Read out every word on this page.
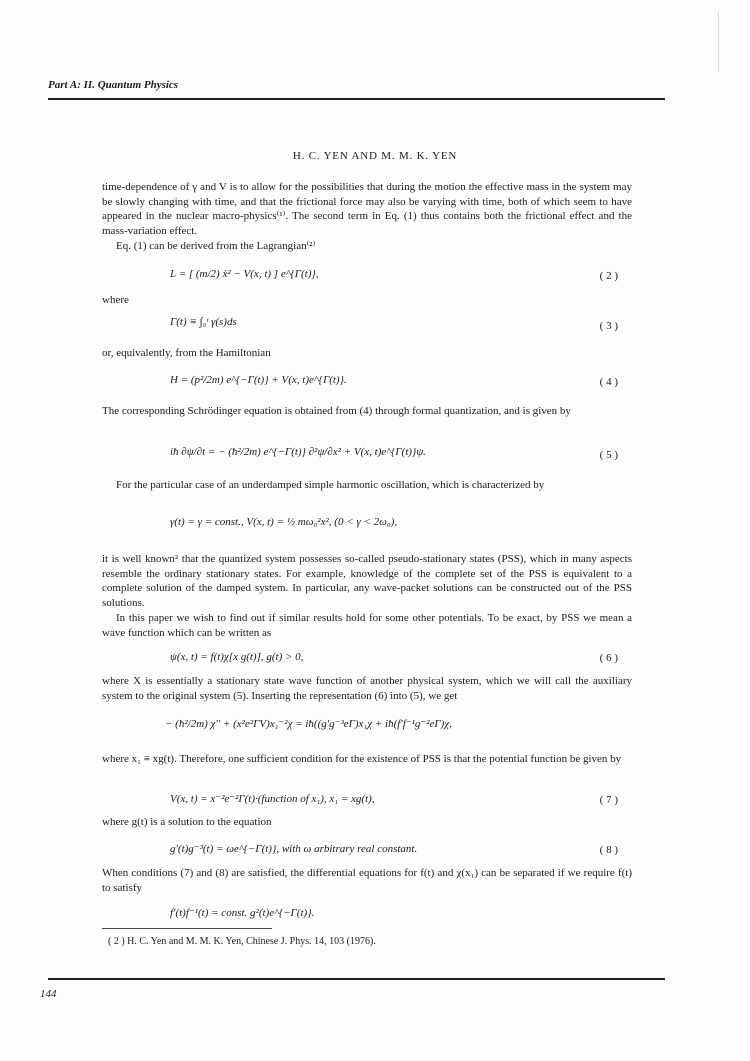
Part A: II. Quantum Physics
H. C. YEN AND M. M. K. YEN
time-dependence of γ and V is to allow for the possibilities that during the motion the effective mass in the system may be slowly changing with time, and that the frictional force may also be varying with time, both of which seem to have appeared in the nuclear macro-physics⁽¹⁾. The second term in Eq. (1) thus contains both the frictional effect and the mass-variation effect.
Eq. (1) can be derived from the Lagrangian⁽²⁾
L = [ (m/2) ẋ² − V(x, t) ] e^{Γ(t)},	( 2 )
where
Γ(t) ≡ ∫₀ᵗ γ(s)ds	( 3 )
or, equivalently, from the Hamiltonian
H = (p²/2m) e^{−Γ(t)} + V(x, t)e^{Γ(t)}.	( 4 )
The corresponding Schrödinger equation is obtained from (4) through formal quantization, and is given by
iħ ∂ψ/∂t = − (ħ²/2m) e^{−Γ(t)} ∂²ψ/∂x² + V(x, t)e^{Γ(t)}ψ.	( 5 )
For the particular case of an underdamped simple harmonic oscillation, which is characterized by
γ(t) = γ = const., V(x, t) = ½ mω₀²x², (0 < γ < 2ω₀),
it is well known² that the quantized system possesses so-called pseudo-stationary states (PSS), which in many aspects resemble the ordinary stationary states. For example, knowledge of the complete set of the PSS is equivalent to a complete solution of the damped system. In particular, any wave-packet solutions can be constructed out of the PSS solutions.
In this paper we wish to find out if similar results hold for some other potentials. To be exact, by PSS we mean a wave function which can be written as
ψ(x, t) = f(t)χ[x g(t)], g(t) > 0,	( 6 )
where X is essentially a stationary state wave function of another physical system, which we will call the auxiliary system to the original system (5). Inserting the representation (6) into (5), we get
− (ħ²/2m) χ′′ + (x²e²ΓV)x₁⁻²χ = iħ((g′g⁻³eΓ)x₁χ + iħ(f′f⁻¹g⁻²eΓ)χ,
where x₁ ≡ xg(t). Therefore, one sufficient condition for the existence of PSS is that the potential function be given by
V(x, t) = x⁻²e⁻²Γ(t)·(function of x₁), x₁ = xg(t),	( 7 )
where g(t) is a solution to the equation
g′(t)g⁻³(t) = ωe^{−Γ(t)}, with ω arbitrary real constant.	( 8 )
When conditions (7) and (8) are satisfied, the differential equations for f(t) and χ(x₁) can be separated if we require f(t) to satisfy
f′(t)f⁻¹(t) = const. g²(t)e^{−Γ(t)}.
( 2 ) H. C. Yen and M. M. K. Yen, Chinese J. Phys. 14, 103 (1976).
144
